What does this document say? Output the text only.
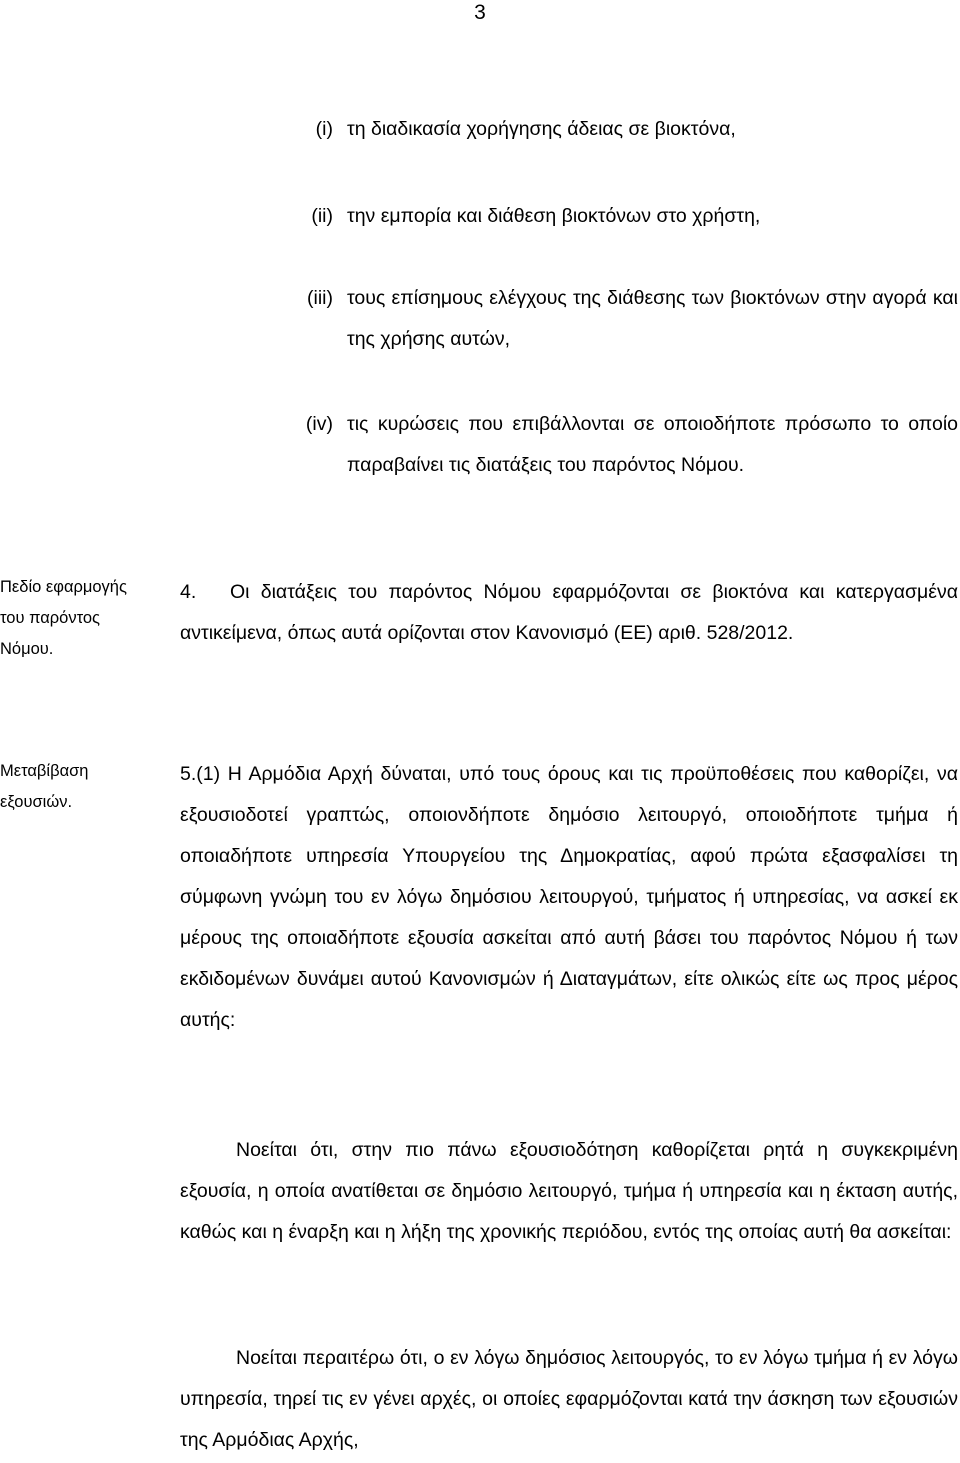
3
(i) τη διαδικασία χορήγησης άδειας σε βιοκτόνα,
(ii) την εμπορία και διάθεση βιοκτόνων στο χρήστη,
(iii) τους επίσημους ελέγχους της διάθεσης των βιοκτόνων στην αγορά και της χρήσης αυτών,
(iv) τις κυρώσεις που επιβάλλονται σε οποιοδήποτε πρόσωπο το οποίο παραβαίνει τις διατάξεις του παρόντος Νόμου.
Πεδίο εφαρμογής του παρόντος Νόμου.
4. Οι διατάξεις του παρόντος Νόμου εφαρμόζονται σε βιοκτόνα και κατεργασμένα αντικείμενα, όπως αυτά ορίζονται στον Κανονισμό (ΕΕ) αριθ. 528/2012.
Μεταβίβαση εξουσιών.
5.(1) Η Αρμόδια Αρχή δύναται, υπό τους όρους και τις προϋποθέσεις που καθορίζει, να εξουσιοδοτεί γραπτώς, οποιονδήποτε δημόσιο λειτουργό, οποιοδήποτε τμήμα ή οποιαδήποτε υπηρεσία Υπουργείου της Δημοκρατίας, αφού πρώτα εξασφαλίσει τη σύμφωνη γνώμη του εν λόγω δημόσιου λειτουργού, τμήματος ή υπηρεσίας, να ασκεί εκ μέρους της οποιαδήποτε εξουσία ασκείται από αυτή βάσει του παρόντος Νόμου ή των εκδιδομένων δυνάμει αυτού Κανονισμών ή Διαταγμάτων, είτε ολικώς είτε ως προς μέρος αυτής:
Νοείται ότι, στην πιο πάνω εξουσιοδότηση καθορίζεται ρητά η συγκεκριμένη εξουσία, η οποία ανατίθεται σε δημόσιο λειτουργό, τμήμα ή υπηρεσία και η έκταση αυτής, καθώς και η έναρξη και η λήξη της χρονικής περιόδου, εντός της οποίας αυτή θα ασκείται:
Νοείται περαιτέρω ότι, ο εν λόγω δημόσιος λειτουργός, το εν λόγω τμήμα ή εν λόγω υπηρεσία, τηρεί τις εν γένει αρχές, οι οποίες εφαρμόζονται κατά την άσκηση των εξουσιών της Αρμόδιας Αρχής,
